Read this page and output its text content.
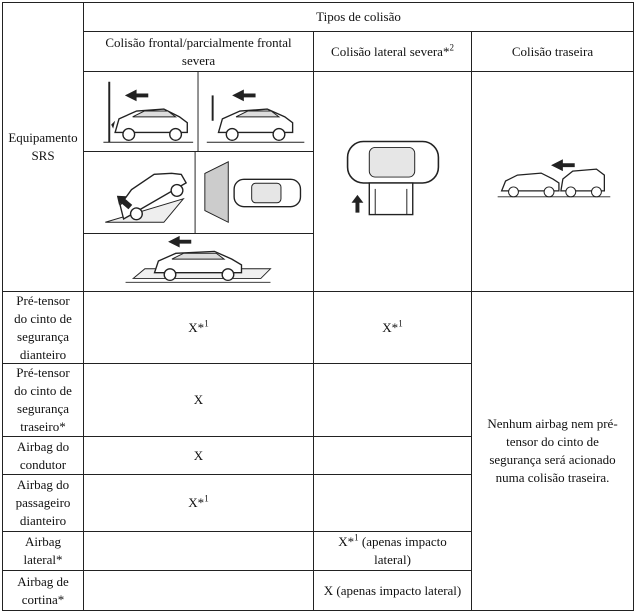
Equipamento SRS
Tipos de colisão
Colisão frontal/parcialmente frontal severa
Colisão lateral severa*$^2$	Colisão traseira
Pré-tensor do cinto de segurança dianteiro
X*$^1$	X*$^1$
Pré-tensor do cinto de segurança traseiro*
X
Airbag do condutor
X
Airbag do passageiro dianteiro
X*$^1$
Airbag lateral*
X*$^1$ (apenas impacto lateral)
Airbag de cortina*
X (apenas impacto lateral)
Nenhum airbag nem pré-tensor do cinto de segurança será acionado numa colisão traseira.
